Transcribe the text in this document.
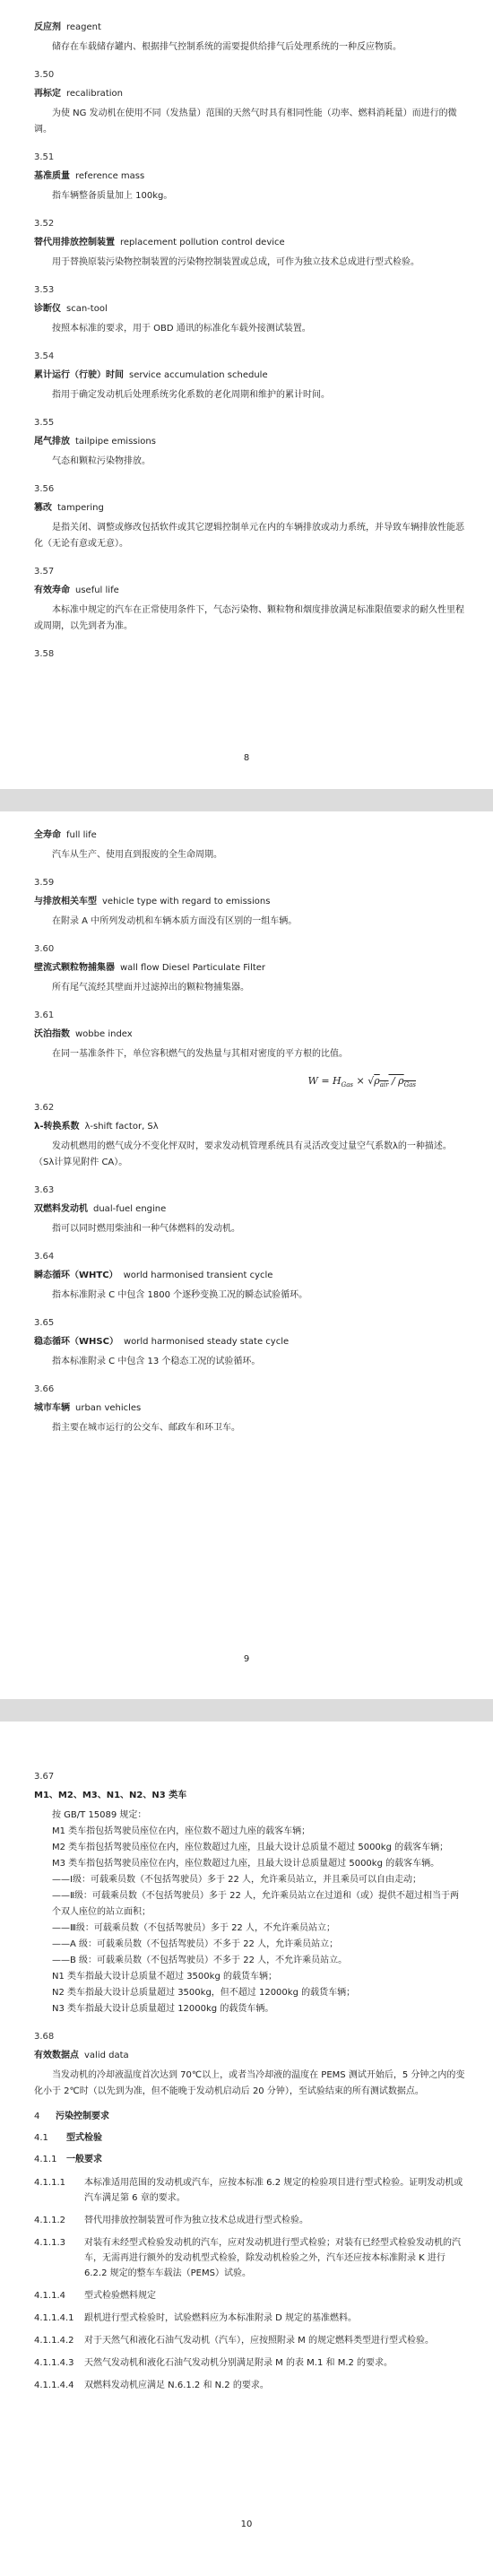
反应剂 reagent

储存在车载储存罐内、根据排气控制系统的需要提供给排气后处理系统的一种反应物质。

3.50
再标定 recalibration

为使 NG 发动机在使用不同（发热量）范围的天然气时具有相同性能（功率、燃料消耗量）而进行的微调。

3.51
基准质量 reference mass

指车辆整备质量加上 100kg。

3.52
替代用排放控制装置 replacement pollution control device

用于替换原装污染物控制装置的污染物控制装置或总成，可作为独立技术总成进行型式检验。

3.53
诊断仪 scan-tool

按照本标准的要求，用于 OBD 通讯的标准化车载外接测试装置。

3.54
累计运行（行驶）时间 service accumulation schedule

指用于确定发动机后处理系统劣化系数的老化周期和维护的累计时间。

3.55
尾气排放 tailpipe emissions

气态和颗粒污染物排放。

3.56
篡改 tampering

是指关闭、调整或修改包括软件或其它逻辑控制单元在内的车辆排放或动力系统，并导致车辆排放性能恶化（无论有意或无意）。

3.57
有效寿命 useful life

本标准中规定的汽车在正常使用条件下，气态污染物、颗粒物和烟度排放满足标准限值要求的耐久性里程或周期，以先到者为准。

3.58
8
全寿命 full life

汽车从生产、使用直到报废的全生命周期。

3.59
与排放相关车型 vehicle type with regard to emissions

在附录 A 中所列发动机和车辆本质方面没有区别的一组车辆。

3.60
壁流式颗粒物捕集器 wall flow Diesel Particulate Filter

所有尾气流经其壁面并过滤掉出的颗粒物捕集器。

3.61
沃泊指数 wobbe index

在同一基准条件下，单位容积燃气的发热量与其相对密度的平方根的比值。

$W = H_{Gas} \times √\rho_{air} / \rho_{Gas}$
3.62
λ-转换系数 λ-shift factor, Sλ

发动机燃用的燃气成分不变化怦双时，要求发动机管理系统具有灵活改变过量空气系数λ的一种描述。（Sλ计算见附件 CA）。

3.63
双燃料发动机 dual-fuel engine

指可以同时燃用柴油和一种气体燃料的发动机。

3.64
瞬态循环（WHTC） world harmonised transient cycle

指本标准附录 C 中包含 1800 个逐秒变换工况的瞬态试验循环。

3.65
稳态循环（WHSC） world harmonised steady state cycle

指本标准附录 C 中包含 13 个稳态工况的试验循环。

3.66
城市车辆 urban vehicles

指主要在城市运行的公交车、邮政车和环卫车。

9
3.67
M1、M2、M3、N1、N2、N3 类车

按 GB/T 15089 规定：

M1 类车指包括驾驶员座位在内，座位数不超过九座的载客车辆；

M2 类车指包括驾驶员座位在内，座位数超过九座，且最大设计总质量不超过 5000kg 的载客车辆；

M3 类车指包括驾驶员座位在内，座位数超过九座，且最大设计总质量超过 5000kg 的载客车辆。

——Ⅰ级：可载乘员数（不包括驾驶员）多于 22 人，允许乘员站立，并且乘员可以自由走动；

——Ⅱ级：可载乘员数（不包括驾驶员）多于 22 人，允许乘员站立在过道和（或）提供不超过相当于两个双人座位的站立面积；

——Ⅲ级：可载乘员数（不包括驾驶员）多于 22 人，不允许乘员站立；

——A 级：可载乘员数（不包括驾驶员）不多于 22 人，允许乘员站立；

——B 级：可载乘员数（不包括驾驶员）不多于 22 人，不允许乘员站立。

N1 类车指最大设计总质量不超过 3500kg 的载货车辆；

N2 类车指最大设计总质量超过 3500kg，但不超过 12000kg 的载货车辆；

N3 类车指最大设计总质量超过 12000kg 的载货车辆。

3.68
有效数据点 valid data

当发动机的冷却液温度首次达到 70℃以上，或者当冷却液的温度在 PEMS 测试开始后，5 分钟之内的变化小于 2℃时（以先到为准，但不能晚于发动机启动后 20 分钟），至试验结束的所有测试数据点。

4	污染控制要求
4.1	型式检验
4.1.1	一般要求
4.1.1.1	本标准适用范围的发动机或汽车，应按本标准 6.2 规定的检验项目进行型式检验。证明发动机或汽车满足第 6 章的要求。
4.1.1.2	替代用排放控制装置可作为独立技术总成进行型式检验。
4.1.1.3	对装有未经型式检验发动机的汽车，应对发动机进行型式检验；对装有已经型式检验发动机的汽车，无需再进行额外的发动机型式检验，除发动机检验之外，汽车还应按本标准附录 K 进行 6.2.2 规定的整车车载法（PEMS）试验。
4.1.1.4	型式检验燃料规定
4.1.1.4.1	跟机进行型式检验时，试验燃料应为本标准附录 D 规定的基准燃料。
4.1.1.4.2	对于天然气和液化石油气发动机（汽车），应按照附录 M 的规定燃料类型进行型式检验。
4.1.1.4.3	天然气发动机和液化石油气发动机分别满足附录 M 的表 M.1 和 M.2 的要求。
4.1.1.4.4	双燃料发动机应满足 N.6.1.2 和 N.2 的要求。
10
